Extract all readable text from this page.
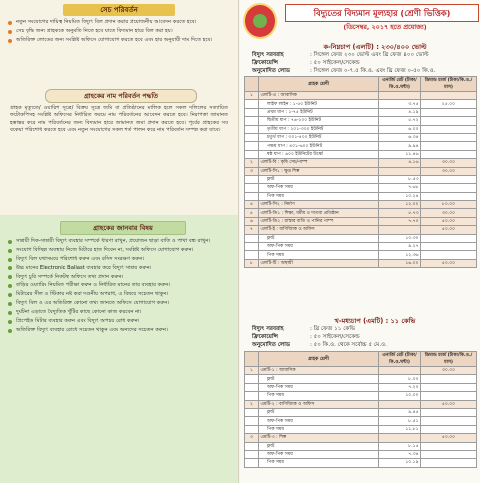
সেচ পরিবর্তন
নতুন সংযোগের দায়িত্ব নিয়মিত বিদ্যুৎ বিল প্রদান করার প্রয়োজনীয় আবেদন করতে হবে।
সেচ বৃদ্ধি জন্য গ্রাহককে অনুমতি নিতে হবে যাতে বিদ্যমান হারে বিল করা হয়।
অতিরিক্ত লোডের জন্য সংশ্লিষ্ট অফিসে যোগাযোগ করতে হবে এবং হার অনুযায়ী দাম দিতে হবে।
গ্রাহকের নাম পরিবর্তন পদ্ধতি
গ্রাহক মৃত্যুতে/ ওয়ারিশ সূত্রে/ বিক্রয় সূত্রে জমি বা প্রতিষ্ঠানের মালিক হলে সকল দলিলের সত্যায়িত ফটোকপিসহ সংশ্লিষ্ট অফিসের নির্ধারিত ফরমে নাম পরিবর্তনের আবেদন করতে হবে। নিরাপত্তা জামানত হস্তান্তর করে নাম পরিবর্তনের জন্য বিদ্যমান হারে জামানত জমা প্রদান করতে হবে। পূর্বের গ্রাহকের সব বকেয়া পরিশোধ করতে হবে এবং নতুন সংযোগের সকল শর্ত পালন করে নাম পরিবর্তন সম্পন্ন করা যাবে।
গ্রাহকের জানবার বিষয়
সাশ্রয়ী দিক-সাশ্রয়ী বিদ্যুৎ ব্যবহার সম্পর্কে ধারণা রাখুন, প্রয়োজন ছাড়া বাতি ও পাখা বন্ধ রাখুন।
সংযোগ বিচ্ছিন্ন অবস্থায় নিজে মিটারে হাত দিবেন না, সংশ্লিষ্ট অফিসে যোগাযোগ করুন।
বিদ্যুৎ বিল যথাসময়ে পরিশোধ করুন এবং রসিদ সংরক্ষণ করুন।
উচ্চ মানের Electronic Ballast ব্যবহার করে বিদ্যুৎ সাশ্রয় করুন।
বিদ্যুৎ চুরি সম্পর্কে নিকটস্থ অফিসে তথ্য প্রদান করুন।
বাড়ির ওয়্যারিং নিয়মিত পরীক্ষা করুন ও নির্ধারিত মানের তার ব্যবহার করুন।
মিটারের সীল ও স্টিকার নষ্ট করা দণ্ডনীয় অপরাধ, এ বিষয়ে সচেতন থাকুন।
বিদ্যুৎ বিল ও এর অতিরিক্ত কোনো তথ্য জানতে অফিসে যোগাযোগ করুন।
দুর্ঘটনা এড়াতে বৈদ্যুতিক খুঁটির কাছে কোনো কাজ করবেন না।
প্রিপেইড মিটার ব্যবহার করুন এবং বিদ্যুৎ অপচয় রোধ করুন।
অতিরিক্ত বিদ্যুৎ ব্যবহার রোধে সচেতন থাকুন এবং অন্যদের সচেতন করুন।
বিদ্যুতের বিদ্যমান মূল্যহার (শ্রেণী ভিত্তিক)
(ডিসেম্বর, ২০১৭ হতে প্রযোজ্য)
ক-নিম্নচাপ (এলটি) : ২৩০/৪০০ ভোল্ট
বিদ্যুৎ সরবরাহ	: সিঙ্গেল ফেজ ২৩০ ভোল্ট এবং থ্রি ফেজ ৪০০ ভোল্ট
ফ্রিকোয়েন্সি	: ৫০ সাইকেল/সেকেন্ড
অনুমোদিত লোড	: সিঙ্গেল ফেজ ০-৭.৫ কি.ও. এবং থ্রি ফেজ ০-৫০ কি.ও.
	গ্রাহক শ্রেণী	এনার্জি রেট (টাকা/কি.ও.ঘন্টা)	ডিমান্ড চার্জ (টাকা/কি.ও./মাস)
১	এলটি-এ : আবাসিক		
	লাইফ লাইন : ১-৫০ ইউনিট	৩.৭৫	২৫.০০
	প্রথম ধাপ : ১-৭৫ ইউনিট	৪.১৯	
	দ্বিতীয় ধাপ : ৭৬-২০০ ইউনিট	৫.৭২	
	তৃতীয় ধাপ : ২০১-৩০০ ইউনিট	৬.০০	
	চতুর্থ ধাপ : ৩০১-৪০০ ইউনিট	৬.৩৪	
	পঞ্চম ধাপ : ৪০১-৬০০ ইউনিট	৯.৯৪	
	ষষ্ঠ ধাপ : ৬০০ ইউনিটের উর্ধ্বে	১১.৪৬	
২	এলটি-বি : কৃষি সেচ/পাম্প	৪.১৬	৩০.০০
৩	এলটি-সি১ : ক্ষুদ্র শিল্প		৩০.০০
	ফ্লাট	৮.৫৩	
	অফ-পিক সময়	৭.৬৮	
	পিক সময়	১০.২৪	
৪	এলটি-সি২ : নির্মাণ	১২.০০	৮০.০০
৫	এলটি-ডি১ : শিক্ষা, ধর্মীয় ও দাতব্য প্রতিষ্ঠান	৫.৭৩	৩০.০০
৬	এলটি-ডি২ : রাস্তার বাতি ও পানির পাম্প	৭.৭০	৫০.০০
৭	এলটি-ই : বাণিজ্যিক ও অফিস		৫০.০০
	ফ্লাট	১০.৩০	
	অফ-পিক সময়	৯.২৭	
	পিক সময়	১২.৩৬	
৮	এলটি-টি : অস্থায়ী	১৬.০০	৫০.০০
খ-মধ্যচাপ (এমটি) : ১১ কেভি
বিদ্যুৎ সরবরাহ	: থ্রি ফেজ ১১ কেভি
ফ্রিকোয়েন্সি	: ৫০ সাইকেল/সেকেন্ড
অনুমোদিত লোড	: ৫০ কি.ও. থেকে সর্বোচ্চ ৫ মে.ও.
	গ্রাহক শ্রেণী	এনার্জি রেট (টাকা/কি.ও.ঘন্টা)	ডিমান্ড চার্জ (টাকা/কি.ও./মাস)
১	এমটি-১ : আবাসিক		৩০.০০
	ফ্লাট	৮.০০	
	অফ-পিক সময়	৭.২০	
	পিক সময়	১০.০০	
২	এমটি-২ : বাণিজ্যিক ও অফিস		৫০.০০
	ফ্লাট	৯.৪৫	
	অফ-পিক সময়	৮.৫১	
	পিক সময়	১১.৮১	
৩	এমটি-৩ : শিল্প		৫০.০০
	ফ্লাট	৮.১৫	
	অফ-পিক সময়	৭.৩৪	
	পিক সময়	১০.১৯	
